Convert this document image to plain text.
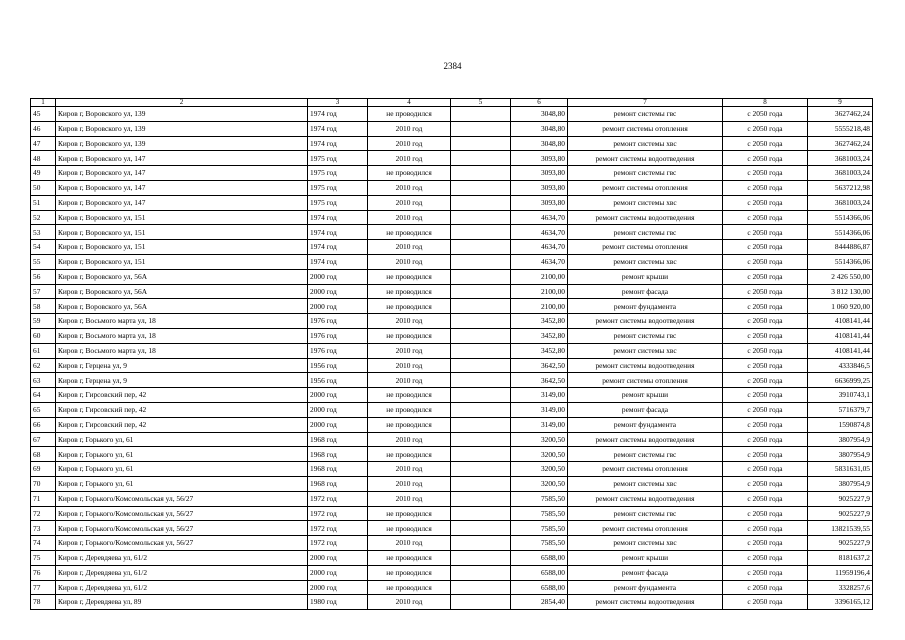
2384
1	2	3	4	5	6	7	8	9
45	Киров г, Воровского ул, 139	1974 год	не проводился		3048,80	ремонт системы гвс	с 2050 года	3627462,24
46	Киров г, Воровского ул, 139	1974 год	2010 год		3048,80	ремонт системы отопления	с 2050 года	5555218,48
47	Киров г, Воровского ул, 139	1974 год	2010 год		3048,80	ремонт системы хвс	с 2050 года	3627462,24
48	Киров г, Воровского ул, 147	1975 год	2010 год		3093,80	ремонт системы водоотведения	с 2050 года	3681003,24
49	Киров г, Воровского ул, 147	1975 год	не проводился		3093,80	ремонт системы гвс	с 2050 года	3681003,24
50	Киров г, Воровского ул, 147	1975 год	2010 год		3093,80	ремонт системы отопления	с 2050 года	5637212,98
51	Киров г, Воровского ул, 147	1975 год	2010 год		3093,80	ремонт системы хвс	с 2050 года	3681003,24
52	Киров г, Воровского ул, 151	1974 год	2010 год		4634,70	ремонт системы водоотведения	с 2050 года	5514366,06
53	Киров г, Воровского ул, 151	1974 год	не проводился		4634,70	ремонт системы гвс	с 2050 года	5514366,06
54	Киров г, Воровского ул, 151	1974 год	2010 год		4634,70	ремонт системы отопления	с 2050 года	8444886,87
55	Киров г, Воровского ул, 151	1974 год	2010 год		4634,70	ремонт системы хвс	с 2050 года	5514366,06
56	Киров г, Воровского ул, 56А	2000 год	не проводился		2100,00	ремонт крыши	с 2050 года	2 426 550,00
57	Киров г, Воровского ул, 56А	2000 год	не проводился		2100,00	ремонт фасада	с 2050 года	3 812 130,00
58	Киров г, Воровского ул, 56А	2000 год	не проводился		2100,00	ремонт фундамента	с 2050 года	1 060 920,00
59	Киров г, Восьмого марта ул, 18	1976 год	2010 год		3452,80	ремонт системы водоотведения	с 2050 года	4108141,44
60	Киров г, Восьмого марта ул, 18	1976 год	не проводился		3452,80	ремонт системы гвс	с 2050 года	4108141,44
61	Киров г, Восьмого марта ул, 18	1976 год	2010 год		3452,80	ремонт системы хвс	с 2050 года	4108141,44
62	Киров г, Герцена ул, 9	1956 год	2010 год		3642,50	ремонт системы водоотведения	с 2050 года	4333846,5
63	Киров г, Герцена ул, 9	1956 год	2010 год		3642,50	ремонт системы отопления	с 2050 года	6636999,25
64	Киров г, Гирсовский пер, 42	2000 год	не проводился		3149,00	ремонт крыши	с 2050 года	3910743,1
65	Киров г, Гирсовский пер, 42	2000 год	не проводился		3149,00	ремонт фасада	с 2050 года	5716379,7
66	Киров г, Гирсовский пер, 42	2000 год	не проводился		3149,00	ремонт фундамента	с 2050 года	1590874,8
67	Киров г, Горького ул, 61	1968 год	2010 год		3200,50	ремонт системы водоотведения	с 2050 года	3807954,9
68	Киров г, Горького ул, 61	1968 год	не проводился		3200,50	ремонт системы гвс	с 2050 года	3807954,9
69	Киров г, Горького ул, 61	1968 год	2010 год		3200,50	ремонт системы отопления	с 2050 года	5831631,05
70	Киров г, Горького ул, 61	1968 год	2010 год		3200,50	ремонт системы хвс	с 2050 года	3807954,9
71	Киров г, Горького/Комсомольская ул, 56/27	1972 год	2010 год		7585,50	ремонт системы водоотведения	с 2050 года	9025227,9
72	Киров г, Горького/Комсомольская ул, 56/27	1972 год	не проводился		7585,50	ремонт системы гвс	с 2050 года	9025227,9
73	Киров г, Горького/Комсомольская ул, 56/27	1972 год	не проводился		7585,50	ремонт системы отопления	с 2050 года	13821539,55
74	Киров г, Горького/Комсомольская ул, 56/27	1972 год	2010 год		7585,50	ремонт системы хвс	с 2050 года	9025227,9
75	Киров г, Деревдяева ул, 61/2	2000 год	не проводился		6588,00	ремонт крыши	с 2050 года	8181637,2
76	Киров г, Деревдяева ул, 61/2	2000 год	не проводился		6588,00	ремонт фасада	с 2050 года	11959196,4
77	Киров г, Деревдяева ул, 61/2	2000 год	не проводился		6588,00	ремонт фундамента	с 2050 года	3328257,6
78	Киров г, Деревдяева ул, 89	1980 год	2010 год		2854,40	ремонт системы водоотведения	с 2050 года	3396165,12
